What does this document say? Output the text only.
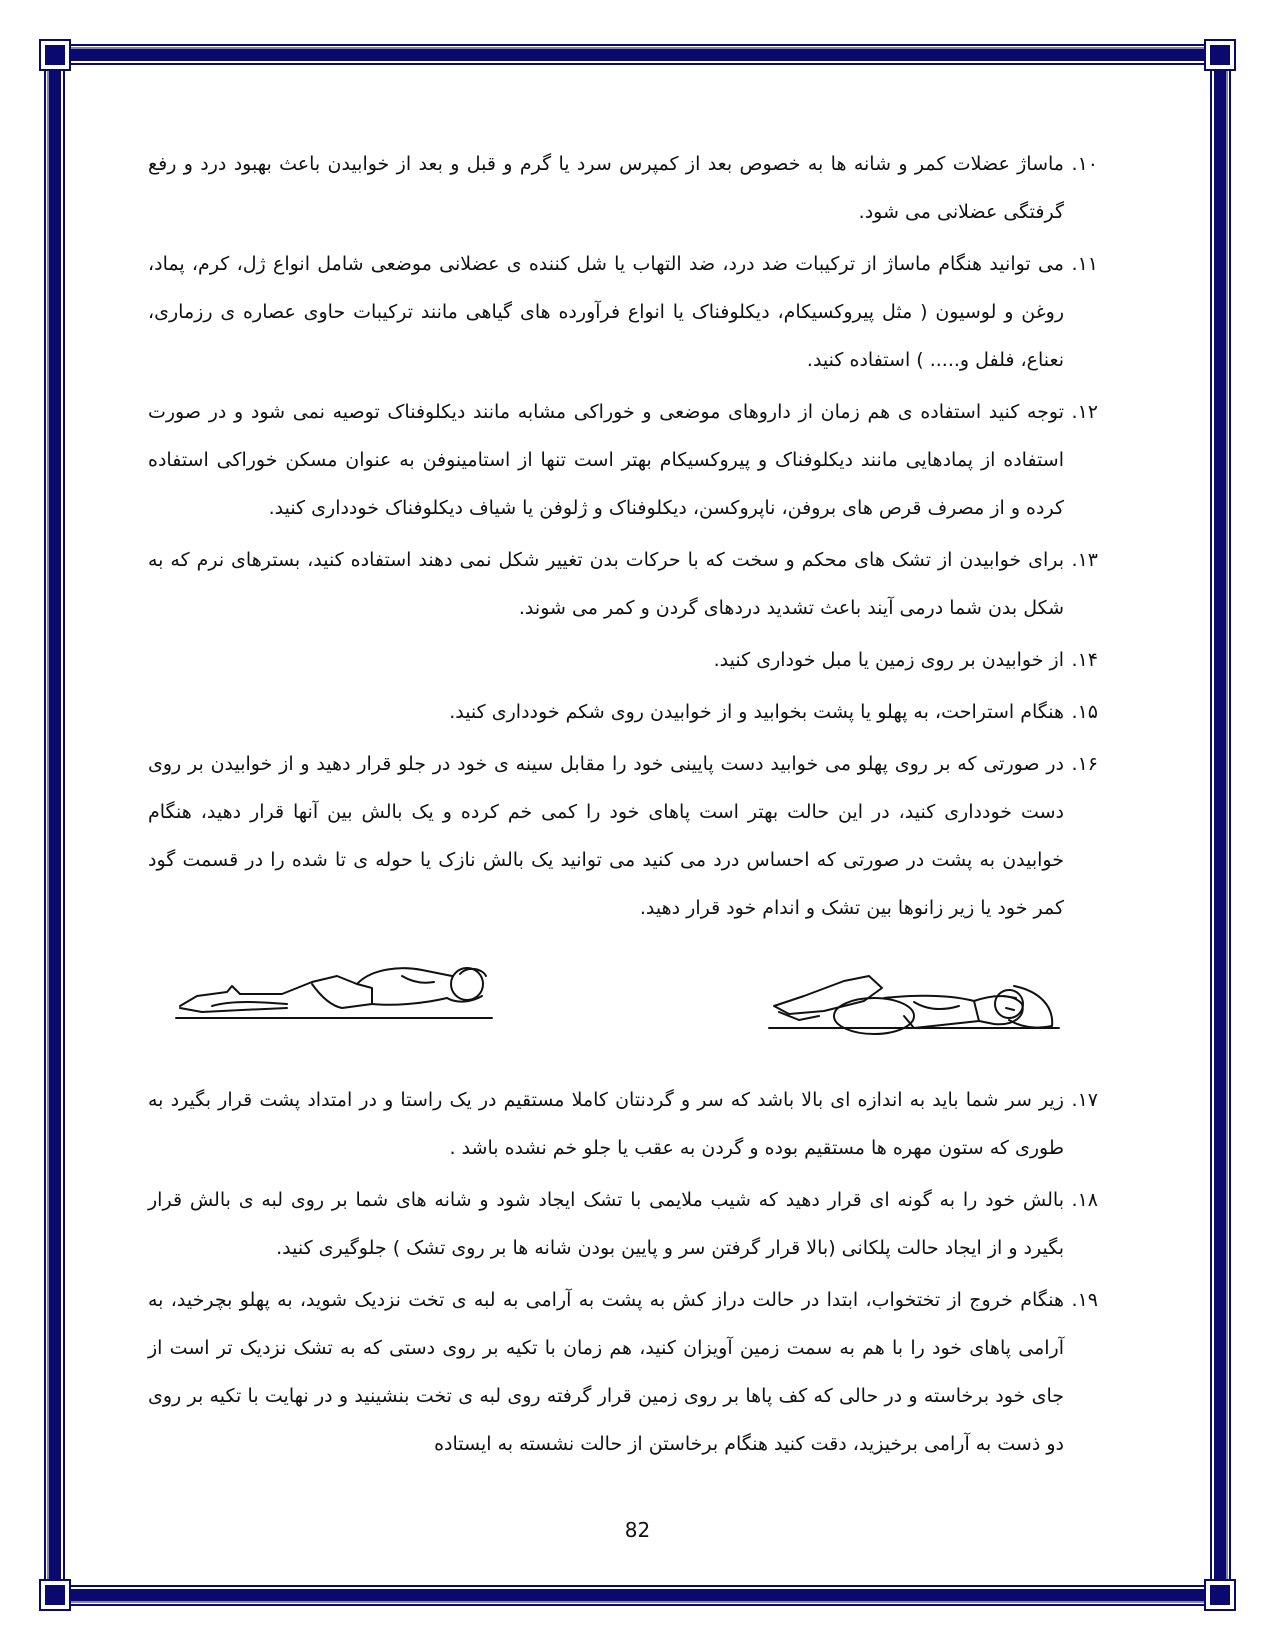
۱۰.
ماساژ عضلات کمر و شانه ها به خصوص بعد از کمپرس سرد یا گرم و قبل و بعد از خوابیدن باعث بهبود درد و رفع گرفتگی عضلانی می شود.
۱۱.
می توانید هنگام ماساژ از ترکیبات ضد درد، ضد التهاب یا شل کننده ی عضلانی موضعی شامل انواع ژل، کرم، پماد، روغن و لوسیون ( مثل پیروکسیکام، دیکلوفناک یا انواع فرآورده های گیاهی مانند ترکیبات حاوی عصاره ی رزماری، نعناع، فلفل و..... ) استفاده کنید.
۱۲.
توجه کنید استفاده ی هم زمان از داروهای موضعی و خوراکی مشابه مانند دیکلوفناک توصیه نمی شود و در صورت استفاده از پمادهایی مانند دیکلوفناک و پیروکسیکام بهتر است تنها از استامینوفن به عنوان مسکن خوراکی استفاده کرده و از مصرف قرص های بروفن، ناپروکسن، دیکلوفناک و ژلوفن یا شیاف دیکلوفناک خودداری کنید.
۱۳.
برای خوابیدن از تشک های محکم و سخت که با حرکات بدن تغییر شکل نمی دهند استفاده کنید، بسترهای نرم که به شکل بدن شما درمی آیند باعث تشدید دردهای گردن و کمر می شوند.
۱۴.
از خوابیدن بر روی زمین یا مبل خوداری کنید.
۱۵.
هنگام استراحت، به پهلو یا پشت بخوابید و از خوابیدن روی شکم خودداری کنید.
۱۶.
در صورتی که بر روی پهلو می خوابید دست پایینی خود را مقابل سینه ی خود در جلو قرار دهید و از خوابیدن بر روی دست خودداری کنید، در این حالت بهتر است پاهای خود را کمی خم کرده و یک بالش بین آنها قرار دهید، هنگام خوابیدن به پشت در صورتی که احساس درد می کنید می توانید یک بالش نازک یا حوله ی تا شده را در قسمت گود کمر خود یا زیر زانوها بین تشک و اندام خود قرار دهید.
۱۷.
زیر سر شما باید به اندازه ای بالا باشد که سر و گردنتان کاملا مستقیم در یک راستا و در امتداد پشت قرار بگیرد به طوری که ستون مهره ها مستقیم بوده و گردن به عقب یا جلو خم نشده باشد .
۱۸.
بالش خود را به گونه ای قرار دهید که شیب ملایمی با تشک ایجاد شود و شانه های شما بر روی لبه ی بالش قرار بگیرد و از ایجاد حالت پلکانی (بالا قرار گرفتن سر و پایین بودن شانه ها بر روی تشک ) جلوگیری کنید.
۱۹.
هنگام خروج از تختخواب، ابتدا در حالت دراز کش به پشت به آرامی به لبه ی تخت نزدیک شوید، به پهلو بچرخید، به آرامی پاهای خود را با هم به سمت زمین آویزان کنید، هم زمان با تکیه بر روی دستی که به تشک نزدیک تر است از جای خود برخاسته و در حالی که کف پاها بر روی زمین قرار گرفته روی لبه ی تخت بنشینید و در نهایت با تکیه بر روی دو ذست به آرامی برخیزید، دقت کنید هنگام برخاستن از حالت نشسته به ایستاده
82
